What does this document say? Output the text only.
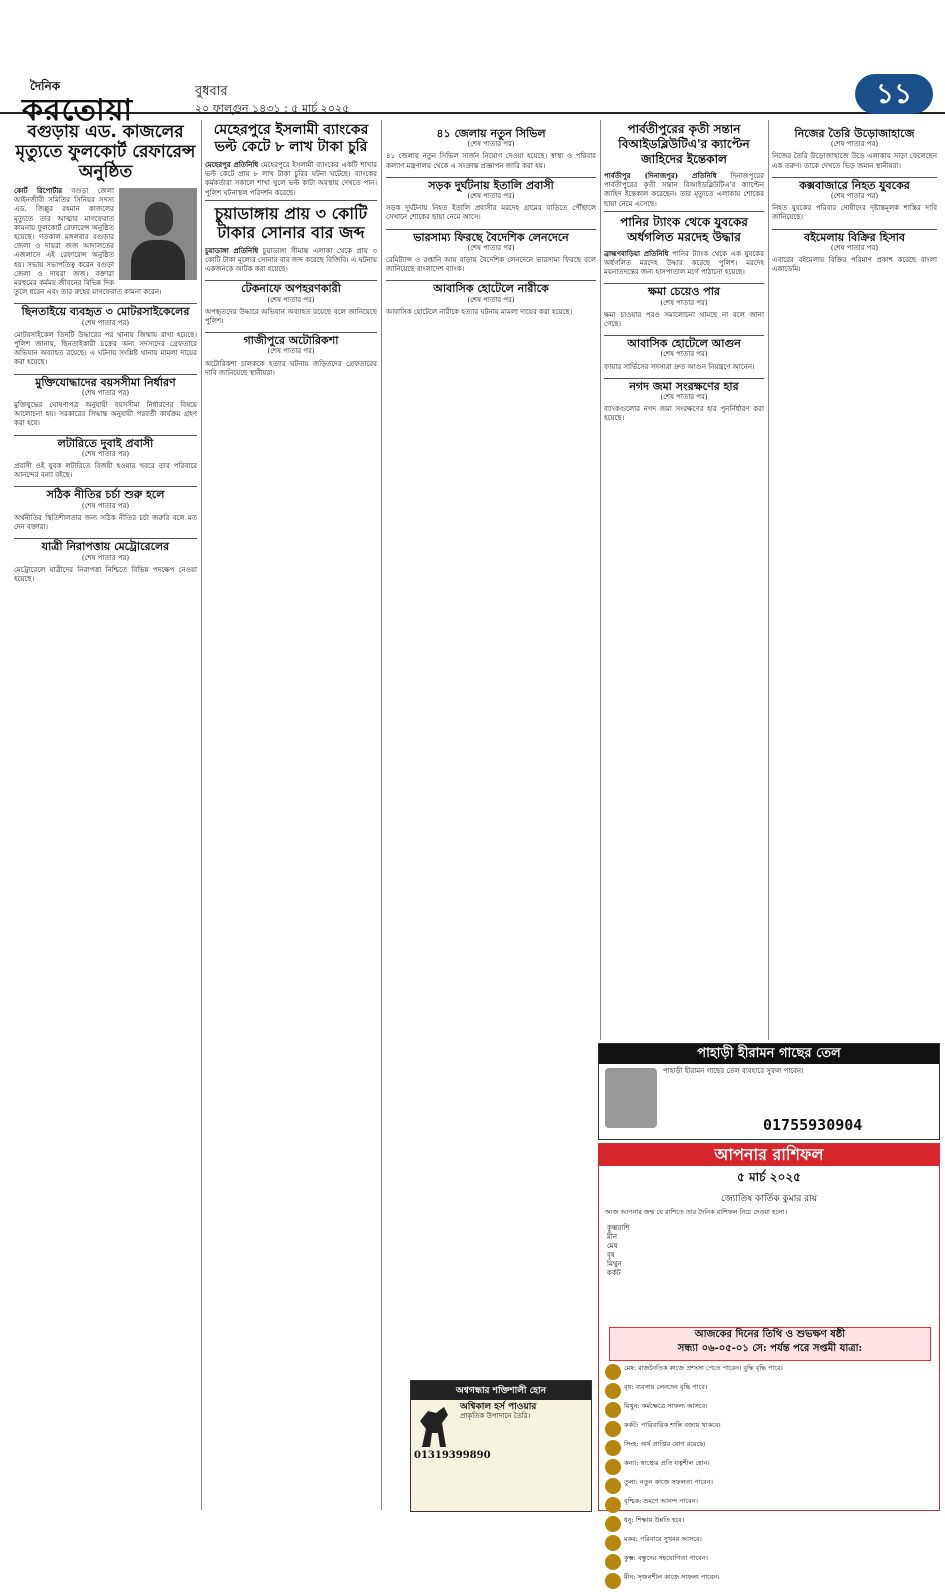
দৈনিক
করতোয়া
বুধবার
২০ ফাল্গুন ১৪৩১ : ৫ মার্চ ২০২৫	১১
বগুড়ায় এড. কাজলের মৃত্যুতে ফুলকোর্ট রেফারেন্স অনুষ্ঠিত

কোর্ট রিপোর্টার বগুড়া জেলা আইনজীবী সমিতির সিনিয়র সদস্য এড. জিল্লুর রহমান কাজলের মৃত্যুতে তার আত্মার মাগফেরাত কামনায় ফুলকোর্ট রেফারেন্স অনুষ্ঠিত হয়েছে। গতকাল মঙ্গলবার বগুড়ার জেলা ও দায়রা জজ আদালতের এজলাসে এই রেফারেন্স অনুষ্ঠিত হয়। সভায় সভাপতিত্ব করেন বগুড়া জেলা ও দায়রা জজ। বক্তারা মরহুমের কর্মময় জীবনের বিভিন্ন দিক তুলে ধরেন এবং তার রুহের মাগফেরাত কামনা করেন।

ছিনতাইয়ে ব্যবহৃত ৩ মোটরসাইকেলের
(শেষ পাতার পর)

মোটরসাইকেল তিনটি উদ্ধারের পর থানায় জিম্মায় রাখা হয়েছে। পুলিশ জানায়, ছিনতাইকারী চক্রের অন্য সদস্যদের গ্রেফতারে অভিযান অব্যাহত রয়েছে। এ ঘটনায় সংশ্লিষ্ট থানায় মামলা দায়ের করা হয়েছে।

মুক্তিযোদ্ধাদের বয়সসীমা নির্ধারণ
(শেষ পাতার পর)

মুক্তিযুদ্ধের ঘোষণাপত্র অনুযায়ী বয়সসীমা নির্ধারণের বিষয়ে আলোচনা হয়। সরকারের সিদ্ধান্ত অনুযায়ী পরবর্তী কার্যক্রম গ্রহণ করা হবে।

লটারিতে দুবাই প্রবাসী
(শেষ পাতার পর)

প্রবাসী ওই যুবক লটারিতে বিজয়ী হওয়ার খবরে তার পরিবারে আনন্দের বন্যা বইছে।

সঠিক নীতির চর্চা শুরু হলে
(শেষ পাতার পর)

অর্থনীতির স্থিতিশীলতার জন্য সঠিক নীতির চর্চা জরুরি বলে মত দেন বক্তারা।

যাত্রী নিরাপত্তায় মেট্রোরেলের
(শেষ পাতার পর)

মেট্রোরেলে যাত্রীদের নিরাপত্তা নিশ্চিতে বিভিন্ন পদক্ষেপ নেওয়া হয়েছে।

মেহেরপুরে ইসলামী ব্যাংকের ভল্ট কেটে ৮ লাখ টাকা চুরি

মেহেরপুর প্রতিনিধি মেহেরপুরে ইসলামী ব্যাংকের একটি শাখার ভল্ট কেটে প্রায় ৮ লাখ টাকা চুরির ঘটনা ঘটেছে। ব্যাংকের কর্মকর্তারা সকালে শাখা খুলে ভল্ট কাটা অবস্থায় দেখতে পান। পুলিশ ঘটনাস্থল পরিদর্শন করেছে।

চুয়াডাঙ্গায় প্রায় ৩ কোটি টাকার সোনার বার জব্দ

চুয়াডাঙ্গা প্রতিনিধি চুয়াডাঙ্গা সীমান্ত এলাকা থেকে প্রায় ৩ কোটি টাকা মূল্যের সোনার বার জব্দ করেছে বিজিবি। এ ঘটনায় একজনকে আটক করা হয়েছে।

টেকনাফে অপহরণকারী
(শেষ পাতার পর)

অপহৃতদের উদ্ধারে অভিযান অব্যাহত রয়েছে বলে জানিয়েছে পুলিশ।

গাজীপুরে অটোরিকশা
(শেষ পাতার পর)

অটোরিকশা চালককে হত্যার ঘটনায় জড়িতদের গ্রেফতারের দাবি জানিয়েছে স্থানীয়রা।

৪১ জেলায় নতুন সিভিল
(শেষ পাতার পর)

৪১ জেলায় নতুন সিভিল সার্জন নিয়োগ দেওয়া হয়েছে। স্বাস্থ্য ও পরিবার কল্যাণ মন্ত্রণালয় থেকে এ সংক্রান্ত প্রজ্ঞাপন জারি করা হয়।

সড়ক দুর্ঘটনায় ইতালি প্রবাসী
(শেষ পাতার পর)

সড়ক দুর্ঘটনায় নিহত ইতালি প্রবাসীর মরদেহ গ্রামের বাড়িতে পৌঁছালে সেখানে শোকের ছায়া নেমে আসে।

ভারসাম্য ফিরছে বৈদেশিক লেনদেনে
(শেষ পাতার পর)

রেমিট্যান্স ও রপ্তানি আয় বাড়ায় বৈদেশিক লেনদেনে ভারসাম্য ফিরছে বলে জানিয়েছে বাংলাদেশ ব্যাংক।

আবাসিক হোটেলে নারীকে
(শেষ পাতার পর)

আবাসিক হোটেলে নারীকে হত্যার ঘটনায় মামলা দায়ের করা হয়েছে।

পার্বতীপুরের কৃতী সন্তান বিআইডব্লিউটিএ'র ক্যাপ্টেন জাহিদের ইন্তেকাল

পার্বতীপুর (দিনাজপুর) প্রতিনিধি দিনাজপুরের পার্বতীপুরের কৃতী সন্তান বিআইডব্লিউটিএ'র ক্যাপ্টেন জাহিদ ইন্তেকাল করেছেন। তার মৃত্যুতে এলাকায় শোকের ছায়া নেমে এসেছে।

পানির ট্যাংক থেকে যুবকের অর্ধগলিত মরদেহ উদ্ধার

ব্রাহ্মণবাড়িয়া প্রতিনিধি পানির ট্যাংক থেকে এক যুবকের অর্ধগলিত মরদেহ উদ্ধার করেছে পুলিশ। মরদেহ ময়নাতদন্তের জন্য হাসপাতাল মর্গে পাঠানো হয়েছে।

ক্ষমা চেয়েও পার
(শেষ পাতার পর)

ক্ষমা চাওয়ার পরও সমালোচনা থামছে না বলে জানা গেছে।

আবাসিক হোটেলে আগুন
(শেষ পাতার পর)

ফায়ার সার্ভিসের সদস্যরা দ্রুত আগুন নিয়ন্ত্রণে আনেন।

নগদ জমা সংরক্ষণের হার
(শেষ পাতার পর)

ব্যাংকগুলোর নগদ জমা সংরক্ষণের হার পুনর্নির্ধারণ করা হয়েছে।

নিজের তৈরি উড়োজাহাজে
(শেষ পাতার পর)

নিজের তৈরি উড়োজাহাজে উড়ে এলাকায় সাড়া ফেলেছেন এক তরুণ। তাকে দেখতে ভিড় জমান স্থানীয়রা।

কক্সবাজারে নিহত যুবকের
(শেষ পাতার পর)

নিহত যুবকের পরিবার দোষীদের দৃষ্টান্তমূলক শাস্তির দাবি জানিয়েছে।

বইমেলায় বিক্রির হিসাব
(শেষ পাতার পর)

এবারের বইমেলায় বিক্রির পরিমাণ প্রকাশ করেছে বাংলা একাডেমি।

পাহাড়ী হীরামন গাছের তেল
পাহাড়ী হীরামন গাছের তেল ব্যবহারে সুফল পাবেন।
01755930904
আপনার রাশিফল
৫ মার্চ ২০২৫
জ্যোতিষ কার্তিক কুমার রায়
আজ আপনার জন্ম যে রাশিতে তার দৈনিক রাশিফল নিচে দেওয়া হলো।
কুম্ভরাশি
মীন
মেষ
বৃষ
মিথুন
কর্কট
আজকের দিনের তিথি ও শুভক্ষণ ষষ্ঠী
সন্ধ্যা ০৬-০৫-০১ সে: পর্যন্ত পরে সপ্তমী যাত্রা:
মেষ: রাজনৈতিক কাজে প্রশংসা পেতে পারেন। বুদ্ধি বৃদ্ধি পাবে।
বৃষ: ব্যবসায় লেনদেন বৃদ্ধি পাবে।
মিথুন: কর্মক্ষেত্রে সাফল্য আসবে।
কর্কট: পারিবারিক শান্তি বজায় থাকবে।
সিংহ: অর্থ প্রাপ্তির যোগ রয়েছে।
কন্যা: স্বাস্থ্যের প্রতি যত্নশীল হোন।
তুলা: নতুন কাজে সফলতা পাবেন।
বৃশ্চিক: ভ্রমণে আনন্দ পাবেন।
ধনু: শিক্ষায় উন্নতি হবে।
মকর: পরিবারে সুখবর আসবে।
কুম্ভ: বন্ধুদের সহযোগিতা পাবেন।
মীন: সৃজনশীল কাজে সাফল্য পাবেন।
অশ্বগন্ধার শক্তিশালী হোন
অশ্বিকাল হর্স পাওয়ার
প্রাকৃতিক উপাদানে তৈরি।
01319399890
